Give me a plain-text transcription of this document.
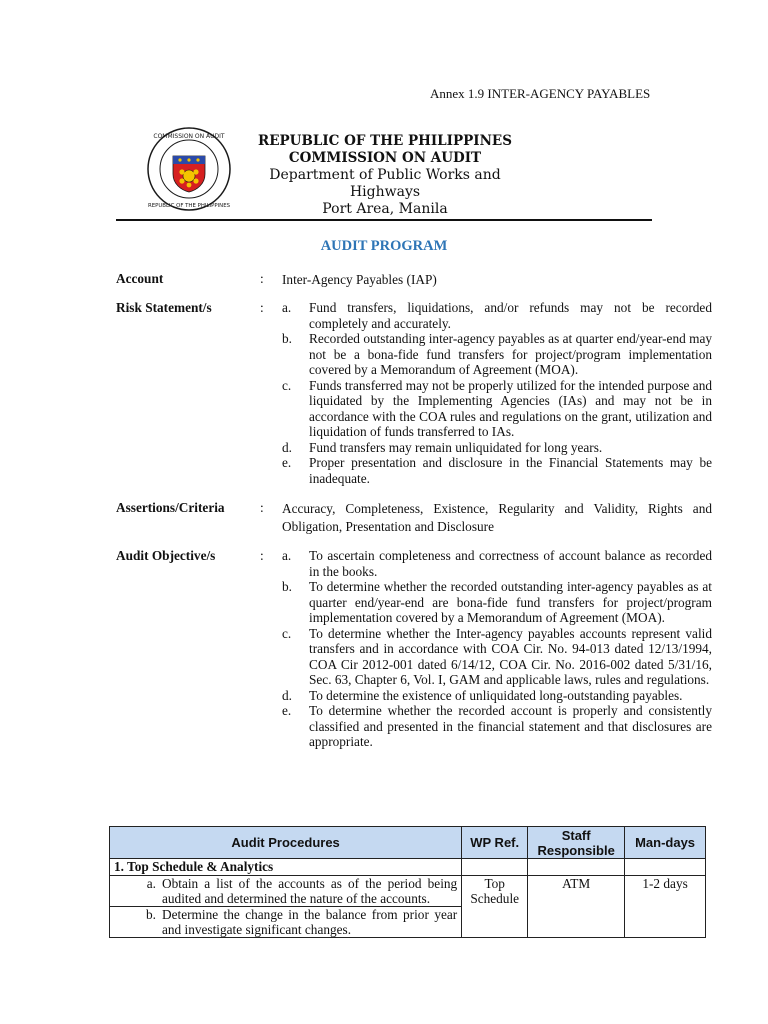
Annex 1.9 INTER-AGENCY PAYABLES
COMMISSION ON AUDIT
REPUBLIC OF THE PHILIPPINES
REPUBLIC OF THE PHILIPPINES
COMMISSION ON AUDIT
Department of Public Works and Highways
Port Area, Manila
AUDIT PROGRAM
Account	: Inter-Agency Payables (IAP)
Risk Statement/s	: a. Fund transfers, liquidations, and/or refunds may not be recorded completely and accurately.
b. Recorded outstanding inter-agency payables as at quarter end/year-end may not be a bona-fide fund transfers for project/program implementation covered by a Memorandum of Agreement (MOA).
c. Funds transferred may not be properly utilized for the intended purpose and liquidated by the Implementing Agencies (IAs) and may not be in accordance with the COA rules and regulations on the grant, utilization and liquidation of funds transferred to IAs.
d. Fund transfers may remain unliquidated for long years.
e. Proper presentation and disclosure in the Financial Statements may be inadequate.
Assertions/Criteria	: Accuracy, Completeness, Existence, Regularity and Validity, Rights and Obligation, Presentation and Disclosure
Audit Objective/s	: a. To ascertain completeness and correctness of account balance as recorded in the books.
b. To determine whether the recorded outstanding inter-agency payables as at quarter end/year-end are bona-fide fund transfers for project/program implementation covered by a Memorandum of Agreement (MOA).
c. To determine whether the Inter-agency payables accounts represent valid transfers and in accordance with COA Cir. No. 94-013 dated 12/13/1994, COA Cir 2012-001 dated 6/14/12, COA Cir. No. 2016-002 dated 5/31/16, Sec. 63, Chapter 6, Vol. I, GAM and applicable laws, rules and regulations.
d. To determine the existence of unliquidated long-outstanding payables.
e. To determine whether the recorded account is properly and consistently classified and presented in the financial statement and that disclosures are appropriate.
Audit Procedures	WP Ref.	Staff Responsible	Man-days
1. Top Schedule & Analytics			

a. Obtain a list of the accounts as of the period being audited and determined the nature of the accounts.	Top Schedule	ATM	1-2 days

b. Determine the change in the balance from prior year and investigate significant changes.			
